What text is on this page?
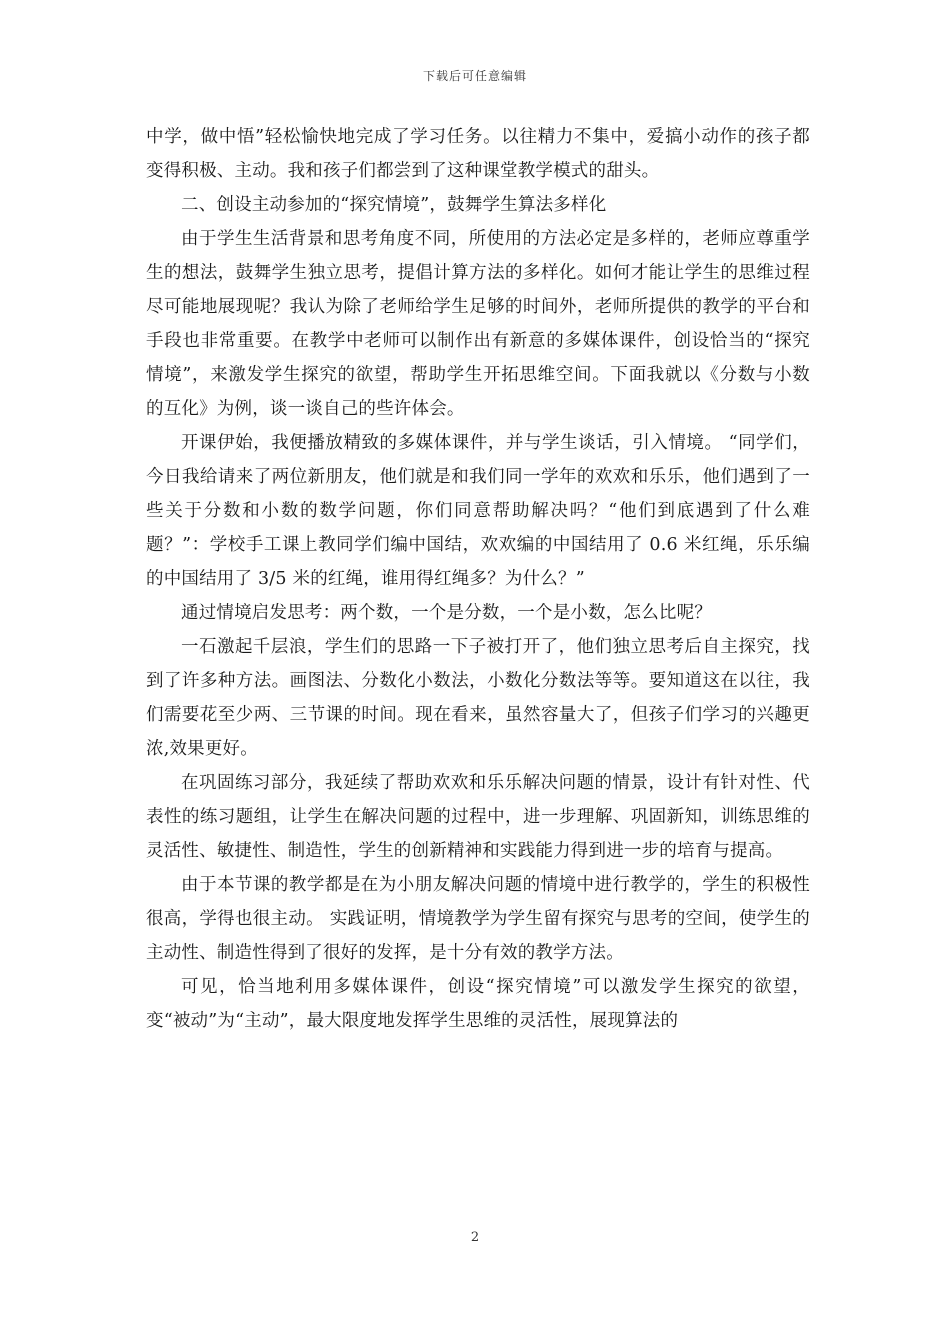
下载后可任意编辑

中学，做中悟”轻松愉快地完成了学习任务。以往精力不集中，爱搞小动作的孩子都变得积极、主动。我和孩子们都尝到了这种课堂教学模式的甜头。

二、创设主动参加的“探究情境”，鼓舞学生算法多样化

由于学生生活背景和思考角度不同，所使用的方法必定是多样的，老师应尊重学生的想法，鼓舞学生独立思考，提倡计算方法的多样化。如何才能让学生的思维过程尽可能地展现呢？我认为除了老师给学生足够的时间外，老师所提供的教学的平台和手段也非常重要。在教学中老师可以制作出有新意的多媒体课件，创设恰当的“探究情境”，来激发学生探究的欲望，帮助学生开拓思维空间。下面我就以《分数与小数的互化》为例，谈一谈自己的些许体会。

开课伊始，我便播放精致的多媒体课件，并与学生谈话，引入情境。 “同学们，今日我给请来了两位新朋友，他们就是和我们同一学年的欢欢和乐乐，他们遇到了一些关于分数和小数的数学问题，你们同意帮助解决吗？“他们到底遇到了什么难题？”：学校手工课上教同学们编中国结，欢欢编的中国结用了 0.6 米红绳，乐乐编的中国结用了 3/5 米的红绳，谁用得红绳多？为什么？”

通过情境启发思考：两个数，一个是分数，一个是小数，怎么比呢？

一石激起千层浪，学生们的思路一下子被打开了，他们独立思考后自主探究，找到了许多种方法。画图法、分数化小数法，小数化分数法等等。要知道这在以往，我们需要花至少两、三节课的时间。现在看来，虽然容量大了，但孩子们学习的兴趣更浓,效果更好。

在巩固练习部分，我延续了帮助欢欢和乐乐解决问题的情景，设计有针对性、代表性的练习题组，让学生在解决问题的过程中，进一步理解、巩固新知，训练思维的灵活性、敏捷性、制造性，学生的创新精神和实践能力得到进一步的培育与提高。

由于本节课的教学都是在为小朋友解决问题的情境中进行教学的，学生的积极性很高，学得也很主动。 实践证明，情境教学为学生留有探究与思考的空间，使学生的主动性、制造性得到了很好的发挥，是十分有效的教学方法。

可见，恰当地利用多媒体课件，创设“探究情境”可以激发学生探究的欲望，变“被动”为“主动”，最大限度地发挥学生思维的灵活性，展现算法的

2
